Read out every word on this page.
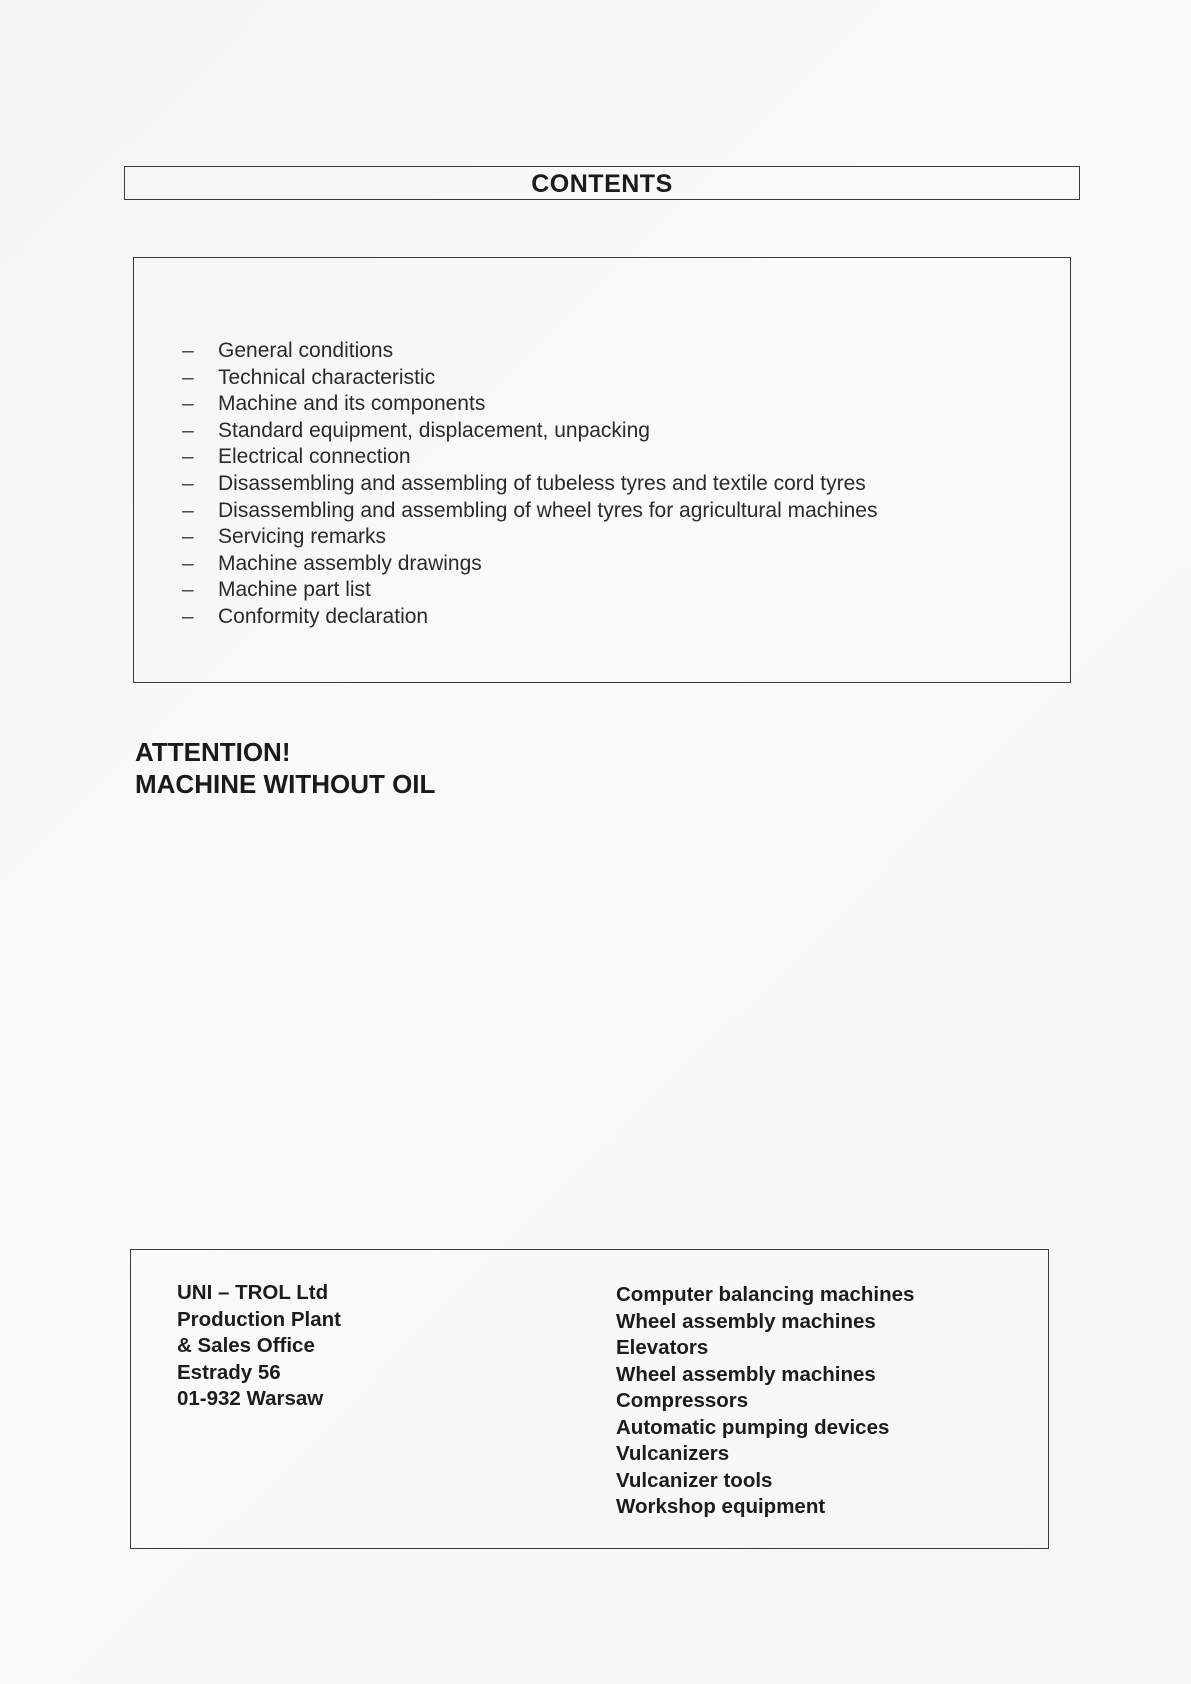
CONTENTS
–	General conditions
–	Technical characteristic
–	Machine and its components
–	Standard equipment, displacement, unpacking
–	Electrical connection
–	Disassembling and assembling of tubeless tyres and textile cord tyres
–	Disassembling and assembling of wheel tyres for agricultural machines
–	Servicing remarks
–	Machine assembly drawings
–	Machine part list
–	Conformity declaration
ATTENTION!
MACHINE WITHOUT OIL
UNI – TROL Ltd
Production Plant
& Sales Office
Estrady 56
01-932 Warsaw
Computer balancing machines
Wheel assembly machines
Elevators
Wheel assembly machines
Compressors
Automatic pumping devices
Vulcanizers
Vulcanizer tools
Workshop equipment
